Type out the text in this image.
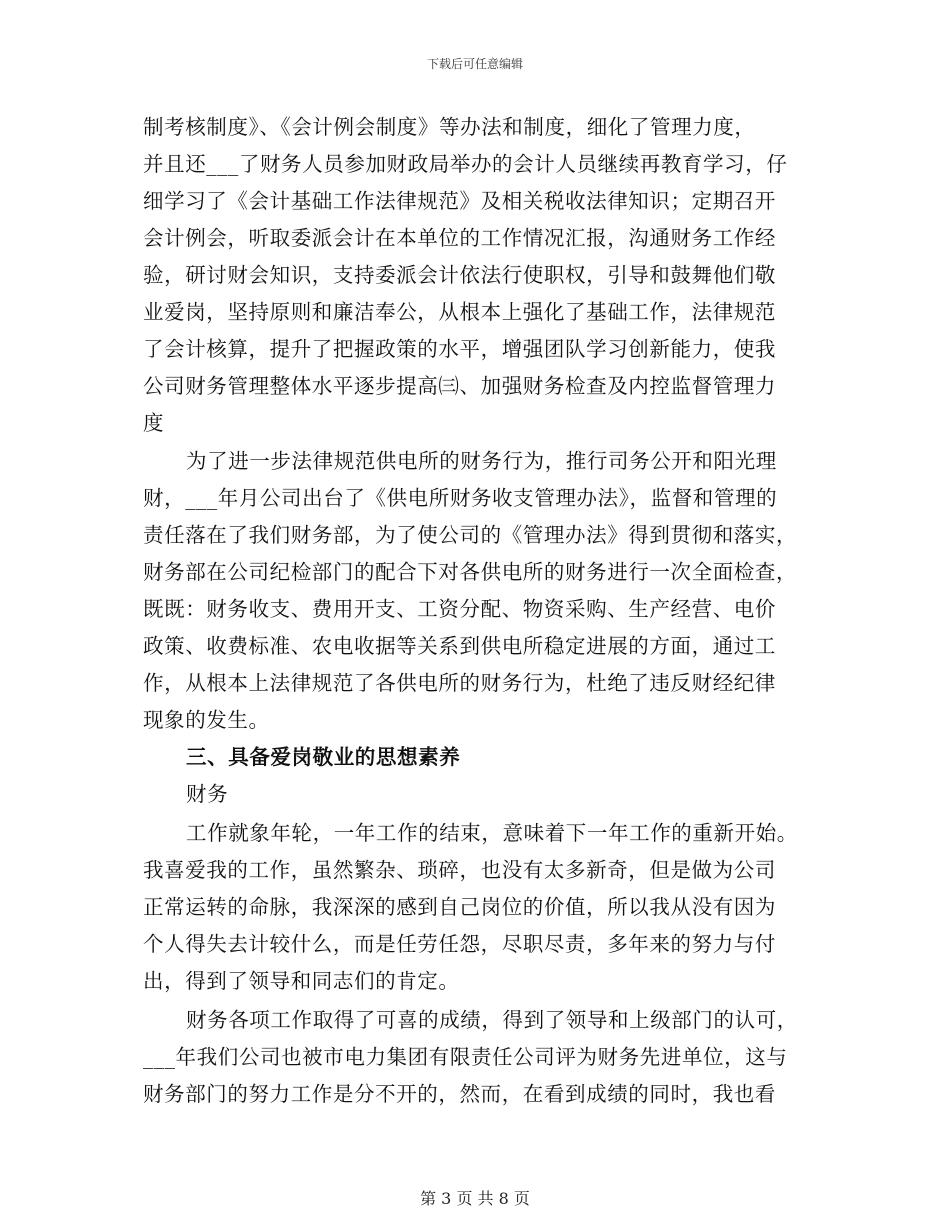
下载后可任意编辑
制考核制度》、《会计例会制度》等办法和制度，细化了管理力度，
并且还___了财务人员参加财政局举办的会计人员继续再教育学习，仔
细学习了《会计基础工作法律规范》及相关税收法律知识；定期召开
会计例会，听取委派会计在本单位的工作情况汇报，沟通财务工作经
验，研讨财会知识，支持委派会计依法行使职权，引导和鼓舞他们敬
业爱岗，坚持原则和廉洁奉公，从根本上强化了基础工作，法律规范
了会计核算，提升了把握政策的水平，增强团队学习创新能力，使我
公司财务管理整体水平逐步提高㈢、加强财务检查及内控监督管理力
度
为了进一步法律规范供电所的财务行为，推行司务公开和阳光理
财，___年月公司出台了《供电所财务收支管理办法》，监督和管理的
责任落在了我们财务部，为了使公司的《管理办法》得到贯彻和落实，
财务部在公司纪检部门的配合下对各供电所的财务进行一次全面检查，
既既：财务收支、费用开支、工资分配、物资采购、生产经营、电价
政策、收费标准、农电收据等关系到供电所稳定进展的方面，通过工
作，从根本上法律规范了各供电所的财务行为，杜绝了违反财经纪律
现象的发生。
三、具备爱岗敬业的思想素养
财务
工作就象年轮，一年工作的结束，意味着下一年工作的重新开始。
我喜爱我的工作，虽然繁杂、琐碎，也没有太多新奇，但是做为公司
正常运转的命脉，我深深的感到自己岗位的价值，所以我从没有因为
个人得失去计较什么，而是任劳任怨，尽职尽责，多年来的努力与付
出，得到了领导和同志们的肯定。
财务各项工作取得了可喜的成绩，得到了领导和上级部门的认可，
___年我们公司也被市电力集团有限责任公司评为财务先进单位，这与
财务部门的努力工作是分不开的，然而，在看到成绩的同时，我也看
第 3 页 共 8 页
